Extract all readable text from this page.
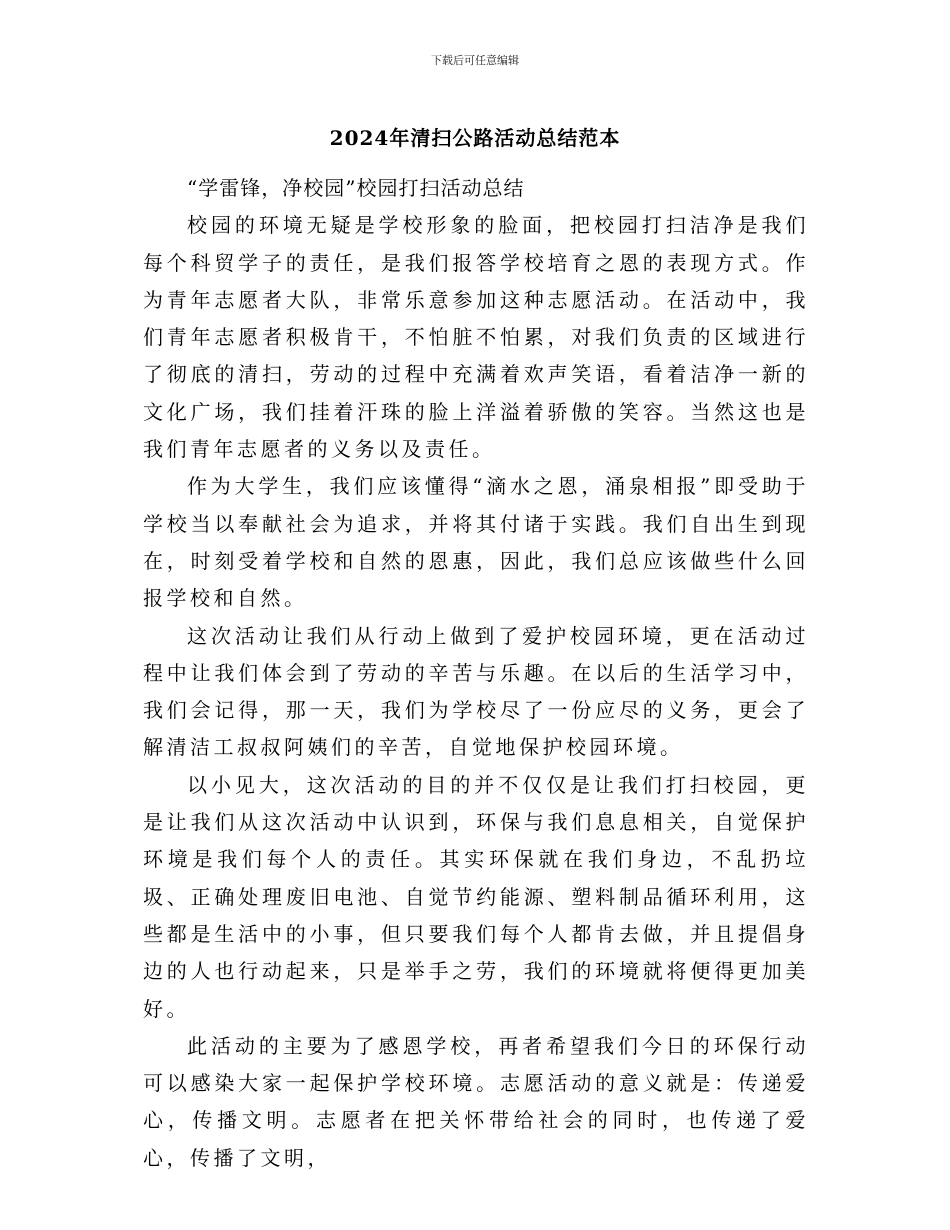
下载后可任意编辑
2024年清扫公路活动总结范本

“学雷锋，净校园”校园打扫活动总结

校园的环境无疑是学校形象的脸面，把校园打扫洁净是我们每个科贸学子的责任，是我们报答学校培育之恩的表现方式。作为青年志愿者大队，非常乐意参加这种志愿活动。在活动中，我们青年志愿者积极肯干，不怕脏不怕累，对我们负责的区域进行了彻底的清扫，劳动的过程中充满着欢声笑语，看着洁净一新的文化广场，我们挂着汗珠的脸上洋溢着骄傲的笑容。当然这也是我们青年志愿者的义务以及责任。

作为大学生，我们应该懂得“滴水之恩，涌泉相报”即受助于学校当以奉献社会为追求，并将其付诸于实践。我们自出生到现在，时刻受着学校和自然的恩惠，因此，我们总应该做些什么回报学校和自然。

这次活动让我们从行动上做到了爱护校园环境，更在活动过程中让我们体会到了劳动的辛苦与乐趣。在以后的生活学习中，我们会记得，那一天，我们为学校尽了一份应尽的义务，更会了解清洁工叔叔阿姨们的辛苦，自觉地保护校园环境。

以小见大，这次活动的目的并不仅仅是让我们打扫校园，更是让我们从这次活动中认识到，环保与我们息息相关，自觉保护环境是我们每个人的责任。其实环保就在我们身边，不乱扔垃圾、正确处理废旧电池、自觉节约能源、塑料制品循环利用，这些都是生活中的小事，但只要我们每个人都肯去做，并且提倡身边的人也行动起来，只是举手之劳，我们的环境就将便得更加美好。

此活动的主要为了感恩学校，再者希望我们今日的环保行动可以感染大家一起保护学校环境。志愿活动的意义就是：传递爱心，传播文明。志愿者在把关怀带给社会的同时，也传递了爱心，传播了文明，
